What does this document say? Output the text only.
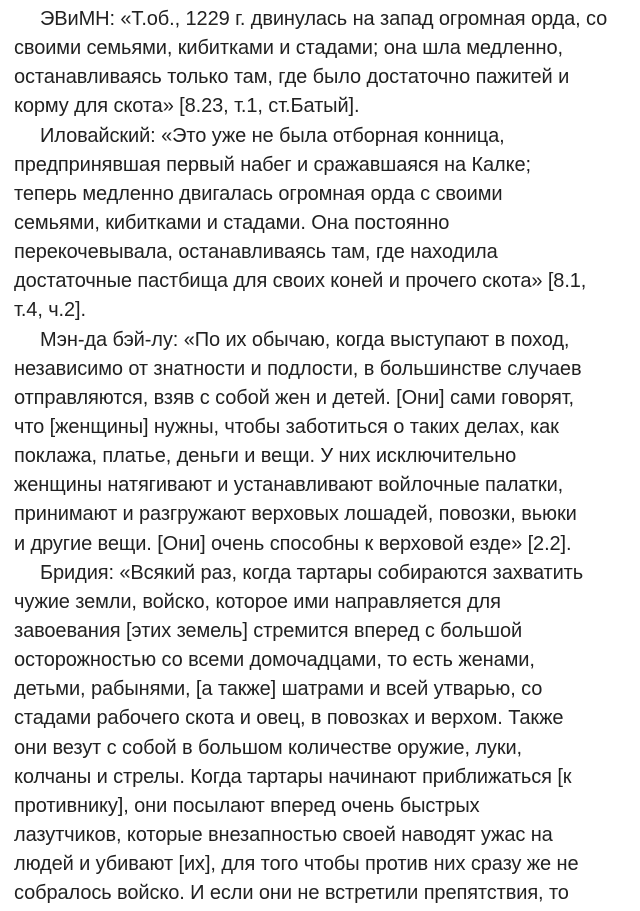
ЭВиМН: «Т.об., 1229 г. двинулась на запад огромная орда, со
своими семьями, кибитками и стадами; она шла медленно,
останавливаясь только там, где было достаточно пажитей и
корму для скота» [8.23, т.1, ст.Батый].
Иловайский: «Это уже не была отборная конница,
предпринявшая первый набег и сражавшаяся на Калке;
теперь медленно двигалась огромная орда с своими
семьями, кибитками и стадами. Она постоянно
перекочевывала, останавливаясь там, где находила
достаточные пастбища для своих коней и прочего скота» [8.1,
т.4, ч.2].
Мэн-да бэй-лу: «По их обычаю, когда выступают в поход,
независимо от знатности и подлости, в большинстве случаев
отправляются, взяв с собой жен и детей. [Они] сами говорят,
что [женщины] нужны, чтобы заботиться о таких делах, как
поклажа, платье, деньги и вещи. У них исключительно
женщины натягивают и устанавливают войлочные палатки,
принимают и разгружают верховых лошадей, повозки, вьюки
и другие вещи. [Они] очень способны к верховой езде» [2.2].
Бридия: «Всякий раз, когда тартары собираются захватить
чужие земли, войско, которое ими направляется для
завоевания [этих земель] стремится вперед с большой
осторожностью со всеми домочадцами, то есть женами,
детьми, рабынями, [а также] шатрами и всей утварью, со
стадами рабочего скота и овец, в повозках и верхом. Также
они везут с собой в большом количестве оружие, луки,
колчаны и стрелы. Когда тартары начинают приближаться [к
противнику], они посылают вперед очень быстрых
лазутчиков, которые внезапностью своей наводят ужас на
людей и убивают [их], для того чтобы против них сразу же не
собралось войско. И если они не встретили препятствия, то
